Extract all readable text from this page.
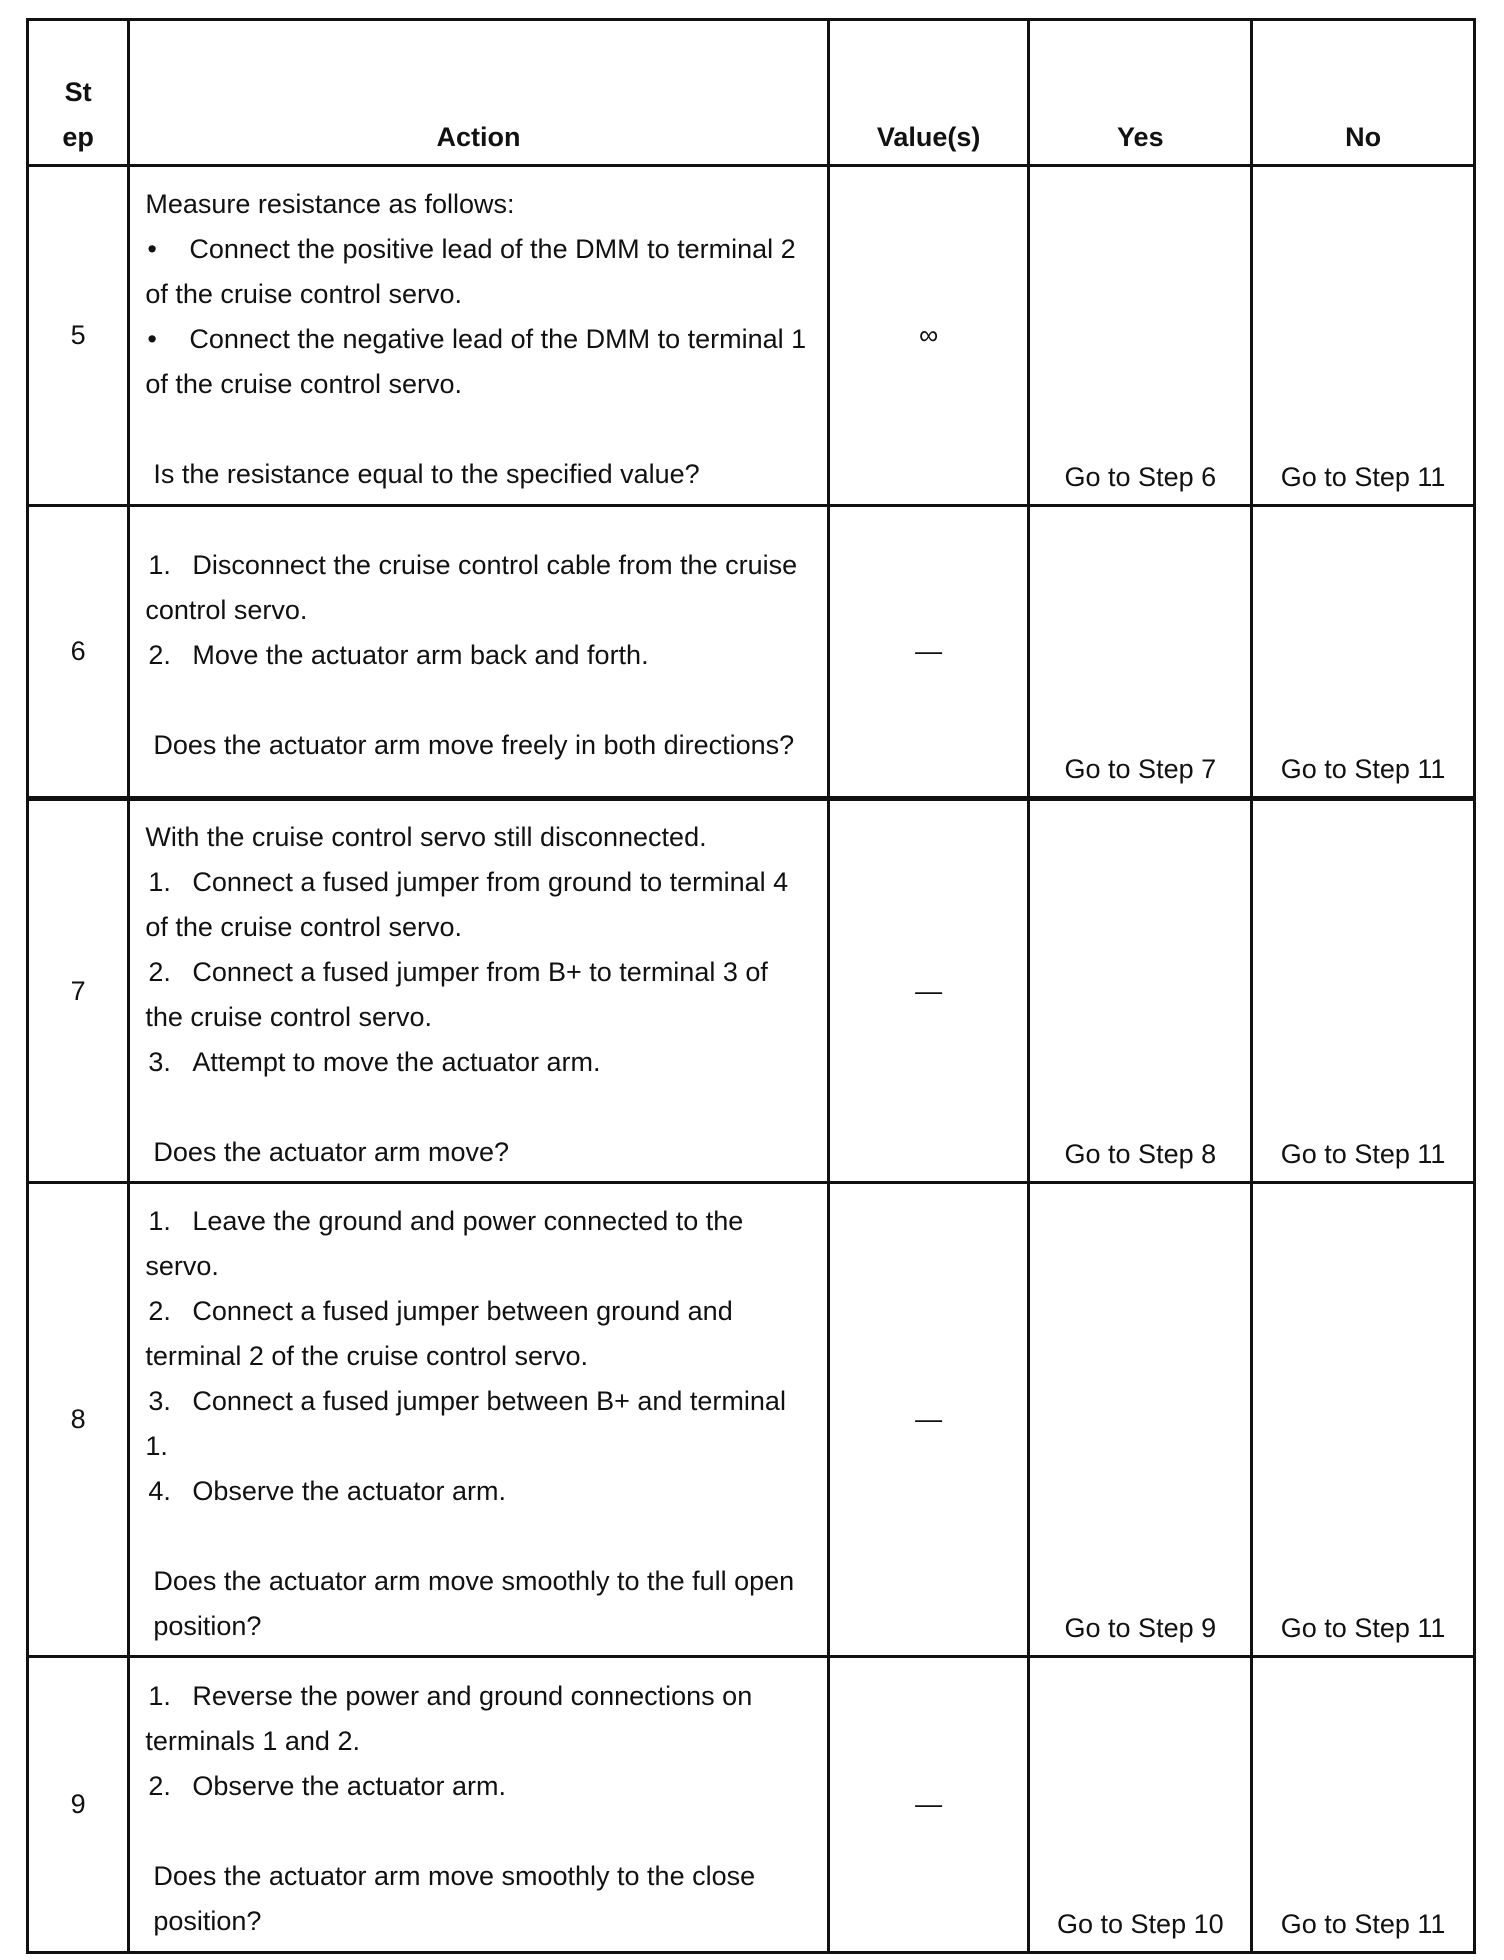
St
ep	Action	Value(s)	Yes	No
5	Measure resistance as follows:
• Connect the positive lead of the DMM to terminal 2 of the cruise control servo.
• Connect the negative lead of the DMM to terminal 1 of the cruise control servo.
Is the resistance equal to the specified value?	∞	Go to Step 6	Go to Step 11
6	1. Disconnect the cruise control cable from the cruise control servo.
2. Move the actuator arm back and forth.
Does the actuator arm move freely in both directions?	—	Go to Step 7	Go to Step 11
7	With the cruise control servo still disconnected.
1. Connect a fused jumper from ground to terminal 4 of the cruise control servo.
2. Connect a fused jumper from B+ to terminal 3 of the cruise control servo.
3. Attempt to move the actuator arm.
Does the actuator arm move?	—	Go to Step 8	Go to Step 11
8	1. Leave the ground and power connected to the servo.
2. Connect a fused jumper between ground and terminal 2 of the cruise control servo.
3. Connect a fused jumper between B+ and terminal 1.
4. Observe the actuator arm.
Does the actuator arm move smoothly to the full open position?	—	Go to Step 9	Go to Step 11
9	1. Reverse the power and ground connections on terminals 1 and 2.
2. Observe the actuator arm.
Does the actuator arm move smoothly to the close position?	—	Go to Step 10	Go to Step 11
